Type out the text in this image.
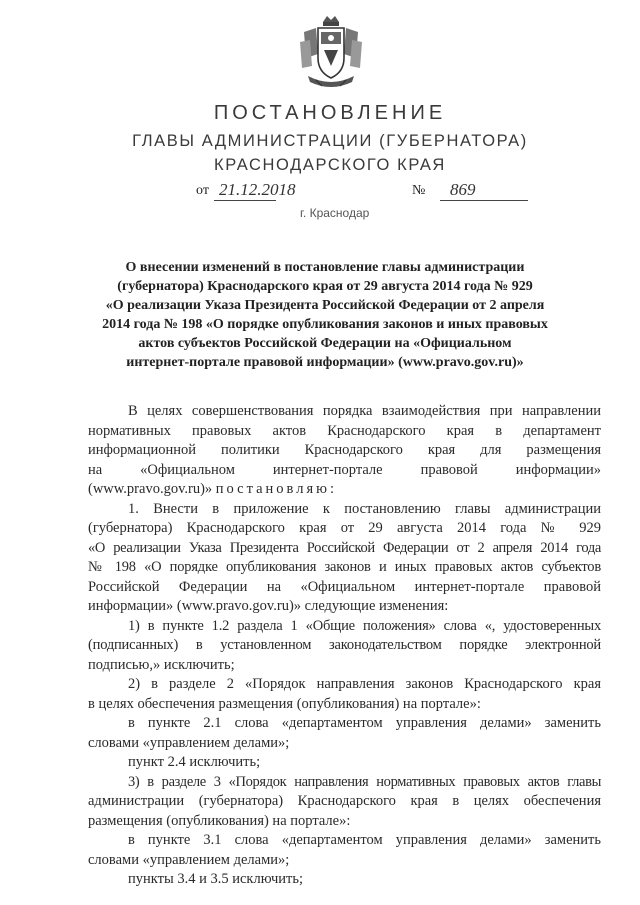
ПОСТАНОВЛЕНИЕ
ГЛАВЫ АДМИНИСТРАЦИИ (ГУБЕРНАТОРА)
КРАСНОДАРСКОГО КРАЯ
от 21.12.2018	№ 869
г. Краснодар
О внесении изменений в постановление главы администрации
(губернатора) Краснодарского края от 29 августа 2014 года № 929
«О реализации Указа Президента Российской Федерации от 2 апреля
2014 года № 198 «О порядке опубликования законов и иных правовых
актов субъектов Российской Федерации на «Официальном
интернет-портале правовой информации» (www.pravo.gov.ru)»
В целях совершенствования порядка взаимодействия при направлении
нормативных правовых актов Краснодарского края в департамент
информационной политики Краснодарского края для размещения
на «Официальном интернет-портале правовой информации»
(www.pravo.gov.ru)» постановляю:
1. Внести в приложение к постановлению главы администрации
(губернатора) Краснодарского края от 29 августа 2014 года № 929
«О реализации Указа Президента Российской Федерации от 2 апреля 2014 года
№ 198 «О порядке опубликования законов и иных правовых актов субъектов
Российской Федерации на «Официальном интернет-портале правовой
информации» (www.pravo.gov.ru)» следующие изменения:
1) в пункте 1.2 раздела 1 «Общие положения» слова «, удостоверенных
(подписанных) в установленном законодательством порядке электронной
подписью,» исключить;
2) в разделе 2 «Порядок направления законов Краснодарского края
в целях обеспечения размещения (опубликования) на портале»:
в пункте 2.1 слова «департаментом управления делами» заменить
словами «управлением делами»;
пункт 2.4 исключить;
3) в разделе 3 «Порядок направления нормативных правовых актов главы
администрации (губернатора) Краснодарского края в целях обеспечения
размещения (опубликования) на портале»:
в пункте 3.1 слова «департаментом управления делами» заменить
словами «управлением делами»;
пункты 3.4 и 3.5 исключить;
